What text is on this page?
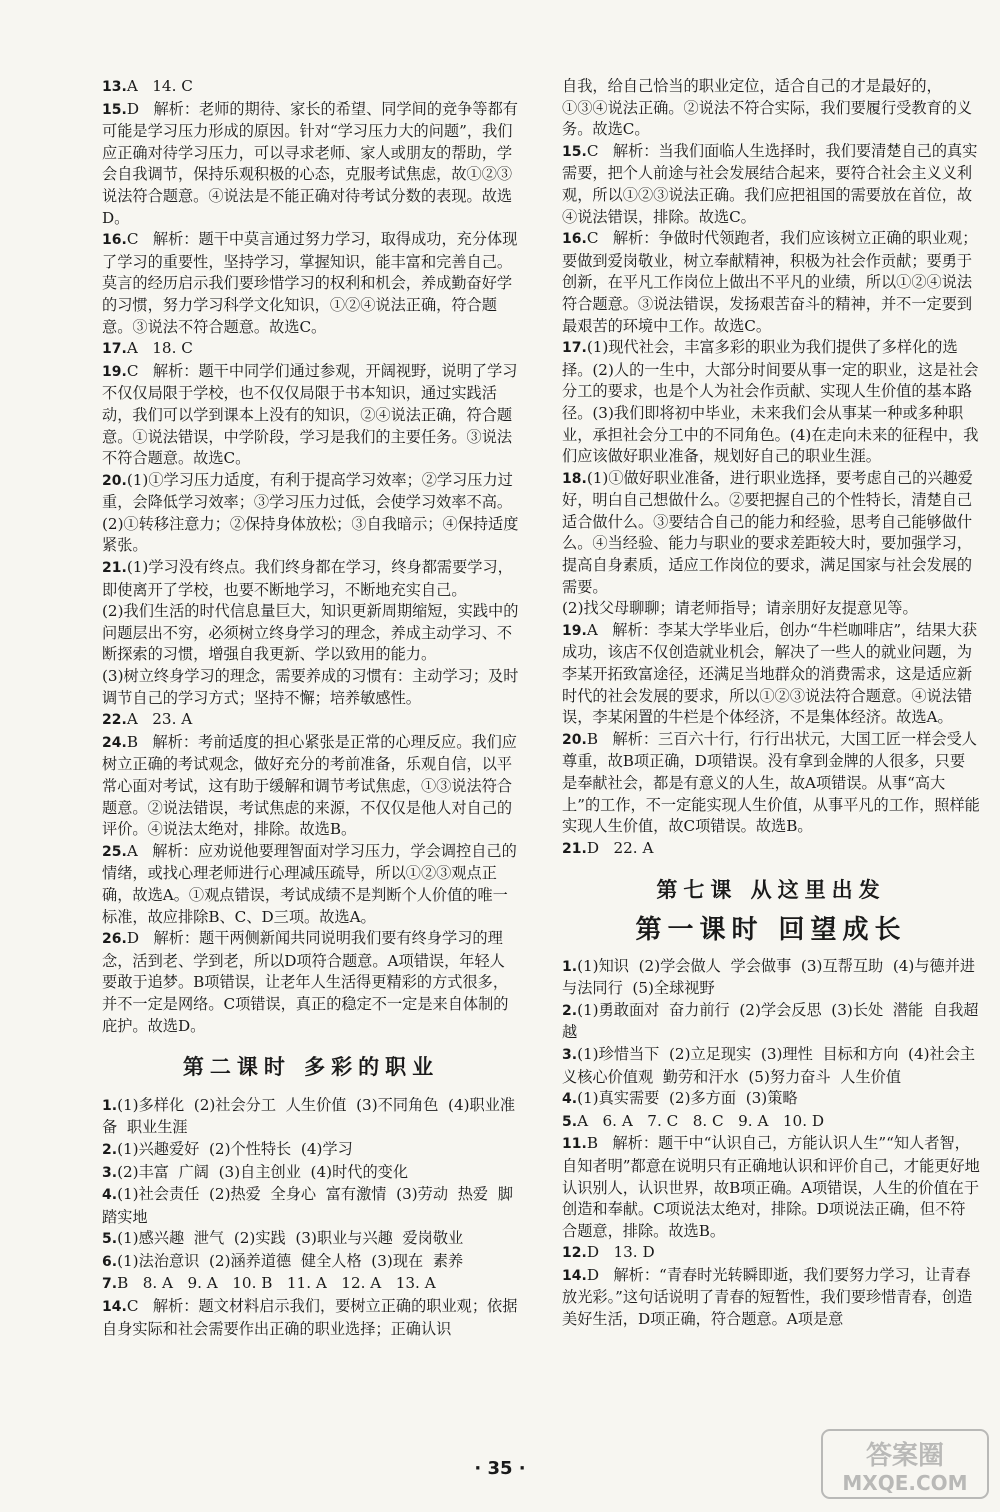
13.A   14. C
15.D   解析：老师的期待、家长的希望、同学间的竞争等都有可能是学习压力形成的原因。针对“学习压力大的问题”，我们应正确对待学习压力，可以寻求老师、家人或朋友的帮助，学会自我调节，保持乐观积极的心态，克服考试焦虑，故①②③说法符合题意。④说法是不能正确对待考试分数的表现。故选D。
16.C   解析：题干中莫言通过努力学习，取得成功，充分体现了学习的重要性，坚持学习，掌握知识，能丰富和完善自己。莫言的经历启示我们要珍惜学习的权利和机会，养成勤奋好学的习惯，努力学习科学文化知识，①②④说法正确，符合题意。③说法不符合题意。故选C。
17.A   18. C
19.C   解析：题干中同学们通过参观，开阔视野，说明了学习不仅仅局限于学校，也不仅仅局限于书本知识，通过实践活动，我们可以学到课本上没有的知识，②④说法正确，符合题意。①说法错误，中学阶段，学习是我们的主要任务。③说法不符合题意。故选C。
20.(1)①学习压力适度，有利于提高学习效率；②学习压力过重，会降低学习效率；③学习压力过低，会使学习效率不高。
(2)①转移注意力；②保持身体放松；③自我暗示；④保持适度紧张。
21.(1)学习没有终点。我们终身都在学习，终身都需要学习，即使离开了学校，也要不断地学习，不断地充实自己。
(2)我们生活的时代信息量巨大，知识更新周期缩短，实践中的问题层出不穷，必须树立终身学习的理念，养成主动学习、不断探索的习惯，增强自我更新、学以致用的能力。
(3)树立终身学习的理念，需要养成的习惯有：主动学习；及时调节自己的学习方式；坚持不懈；培养敏感性。
22.A   23. A
24.B   解析：考前适度的担心紧张是正常的心理反应。我们应树立正确的考试观念，做好充分的考前准备，乐观自信，以平常心面对考试，这有助于缓解和调节考试焦虑，①③说法符合题意。②说法错误，考试焦虑的来源，不仅仅是他人对自己的评价。④说法太绝对，排除。故选B。
25.A   解析：应劝说他要理智面对学习压力，学会调控自己的情绪，或找心理老师进行心理减压疏导，所以①②③观点正确，故选A。①观点错误，考试成绩不是判断个人价值的唯一标准，故应排除B、C、D三项。故选A。
26.D   解析：题干两侧新闻共同说明我们要有终身学习的理念，活到老、学到老，所以D项符合题意。A项错误，年轻人要敢于追梦。B项错误，让老年人生活得更精彩的方式很多，并不一定是网络。C项错误，真正的稳定不一定是来自体制的庇护。故选D。
第二课时 多彩的职业
1.(1)多样化  (2)社会分工  人生价值  (3)不同角色  (4)职业准备  职业生涯
2.(1)兴趣爱好  (2)个性特长  (4)学习
3.(2)丰富  广阔  (3)自主创业  (4)时代的变化
4.(1)社会责任  (2)热爱  全身心  富有激情  (3)劳动  热爱  脚踏实地
5.(1)感兴趣  泄气  (2)实践  (3)职业与兴趣  爱岗敬业
6.(1)法治意识  (2)涵养道德  健全人格  (3)现在  素养
7.B   8. A   9. A   10. B   11. A   12. A   13. A
14.C   解析：题文材料启示我们，要树立正确的职业观；依据自身实际和社会需要作出正确的职业选择；正确认识
自我，给自己恰当的职业定位，适合自己的才是最好的，①③④说法正确。②说法不符合实际，我们要履行受教育的义务。故选C。
15.C   解析：当我们面临人生选择时，我们要清楚自己的真实需要，把个人前途与社会发展结合起来，要符合社会主义义利观，所以①②③说法正确。我们应把祖国的需要放在首位，故④说法错误，排除。故选C。
16.C   解析：争做时代领跑者，我们应该树立正确的职业观；要做到爱岗敬业，树立奉献精神，积极为社会作贡献；要勇于创新，在平凡工作岗位上做出不平凡的业绩，所以①②④说法符合题意。③说法错误，发扬艰苦奋斗的精神，并不一定要到最艰苦的环境中工作。故选C。
17.(1)现代社会，丰富多彩的职业为我们提供了多样化的选择。(2)人的一生中，大部分时间要从事一定的职业，这是社会分工的要求，也是个人为社会作贡献、实现人生价值的基本路径。(3)我们即将初中毕业，未来我们会从事某一种或多种职业，承担社会分工中的不同角色。(4)在走向未来的征程中，我们应该做好职业准备，规划好自己的职业生涯。
18.(1)①做好职业准备，进行职业选择，要考虑自己的兴趣爱好，明白自己想做什么。②要把握自己的个性特长，清楚自己适合做什么。③要结合自己的能力和经验，思考自己能够做什么。④当经验、能力与职业的要求差距较大时，要加强学习，提高自身素质，适应工作岗位的要求，满足国家与社会发展的需要。
(2)找父母聊聊；请老师指导；请亲朋好友提意见等。
19.A   解析：李某大学毕业后，创办“牛栏咖啡店”，结果大获成功，该店不仅创造就业机会，解决了一些人的就业问题，为李某开拓致富途径，还满足当地群众的消费需求，这是适应新时代的社会发展的要求，所以①②③说法符合题意。④说法错误，李某闲置的牛栏是个体经济，不是集体经济。故选A。
20.B   解析：三百六十行，行行出状元，大国工匠一样会受人尊重，故B项正确，D项错误。没有拿到金牌的人很多，只要是奉献社会，都是有意义的人生，故A项错误。从事“高大上”的工作，不一定能实现人生价值，从事平凡的工作，照样能实现人生价值，故C项错误。故选B。
21.D   22. A
第七课 从这里出发
第一课时 回望成长
1.(1)知识  (2)学会做人  学会做事  (3)互帮互助  (4)与德并进  与法同行  (5)全球视野
2.(1)勇敢面对  奋力前行  (2)学会反思  (3)长处  潜能  自我超越
3.(1)珍惜当下  (2)立足现实  (3)理性  目标和方向  (4)社会主义核心价值观  勤劳和汗水  (5)努力奋斗  人生价值
4.(1)真实需要  (2)多方面  (3)策略
5.A   6. A   7. C   8. C   9. A   10. D
11.B   解析：题干中“认识自己，方能认识人生”“知人者智，自知者明”都意在说明只有正确地认识和评价自己，才能更好地认识别人，认识世界，故B项正确。A项错误，人生的价值在于创造和奉献。C项说法太绝对，排除。D项说法正确，但不符合题意，排除。故选B。
12.D   13. D
14.D   解析：“青春时光转瞬即逝，我们要努力学习，让青春放光彩。”这句话说明了青春的短暂性，我们要珍惜青春，创造美好生活，D项正确，符合题意。A项是意
· 35 ·	答案圈
MXQE.COM
